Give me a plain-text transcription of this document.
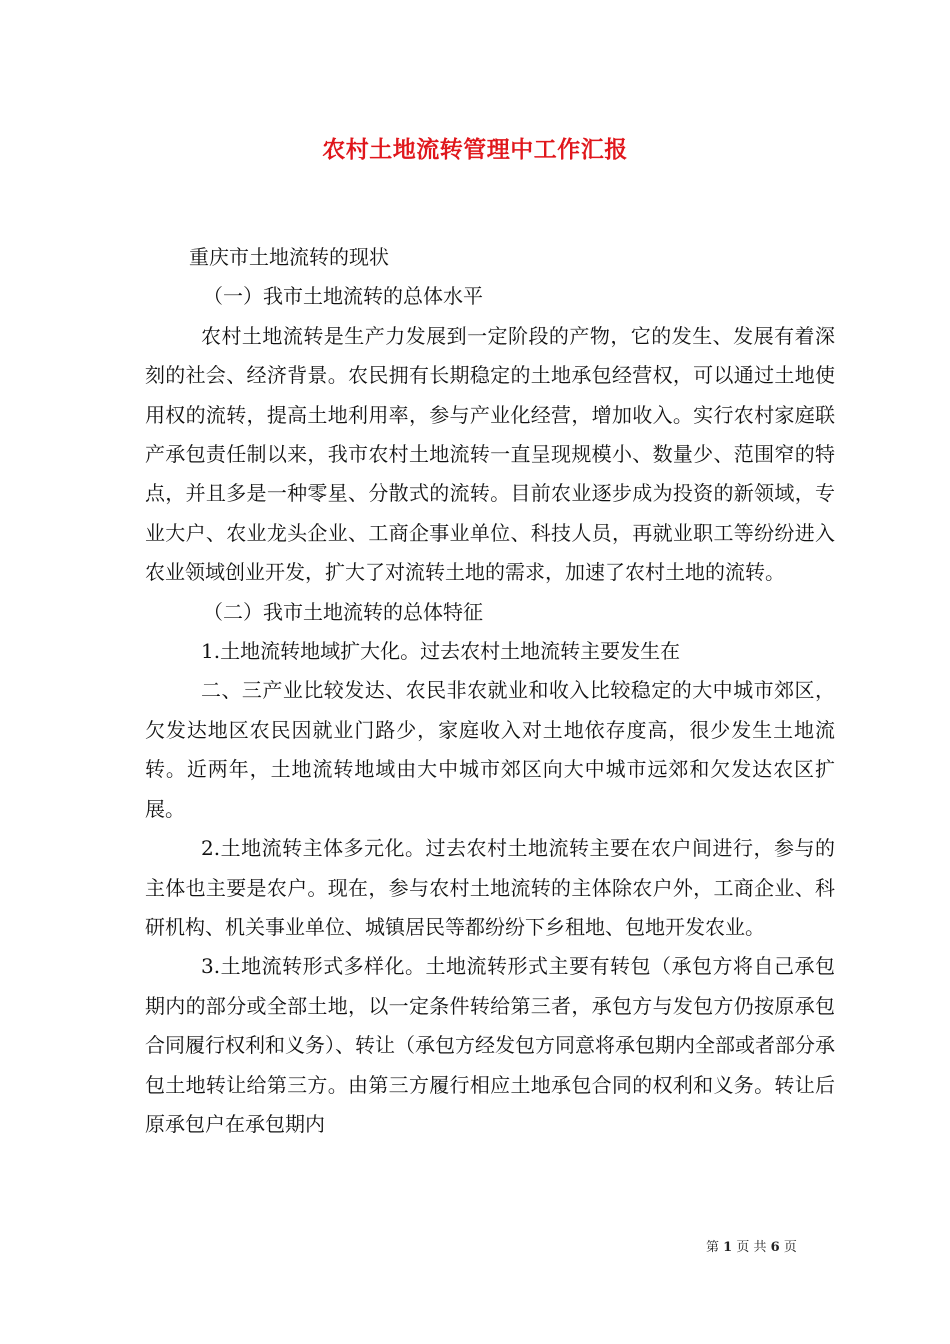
农村土地流转管理中工作汇报

重庆市土地流转的现状

（一）我市土地流转的总体水平

农村土地流转是生产力发展到一定阶段的产物，它的发生、发展有着深刻的社会、经济背景。农民拥有长期稳定的土地承包经营权，可以通过土地使用权的流转，提高土地利用率，参与产业化经营，增加收入。实行农村家庭联产承包责任制以来，我市农村土地流转一直呈现规模小、数量少、范围窄的特点，并且多是一种零星、分散式的流转。目前农业逐步成为投资的新领域，专业大户、农业龙头企业、工商企事业单位、科技人员，再就业职工等纷纷进入农业领域创业开发，扩大了对流转土地的需求，加速了农村土地的流转。

（二）我市土地流转的总体特征

1.土地流转地域扩大化。过去农村土地流转主要发生在

二、三产业比较发达、农民非农就业和收入比较稳定的大中城市郊区，欠发达地区农民因就业门路少，家庭收入对土地依存度高，很少发生土地流转。近两年，土地流转地域由大中城市郊区向大中城市远郊和欠发达农区扩展。

2.土地流转主体多元化。过去农村土地流转主要在农户间进行，参与的主体也主要是农户。现在，参与农村土地流转的主体除农户外，工商企业、科研机构、机关事业单位、城镇居民等都纷纷下乡租地、包地开发农业。

3.土地流转形式多样化。土地流转形式主要有转包（承包方将自己承包期内的部分或全部土地，以一定条件转给第三者，承包方与发包方仍按原承包合同履行权利和义务）、转让（承包方经发包方同意将承包期内全部或者部分承包土地转让给第三方。由第三方履行相应土地承包合同的权利和义务。转让后原承包户在承包期内

第 1 页 共 6 页
